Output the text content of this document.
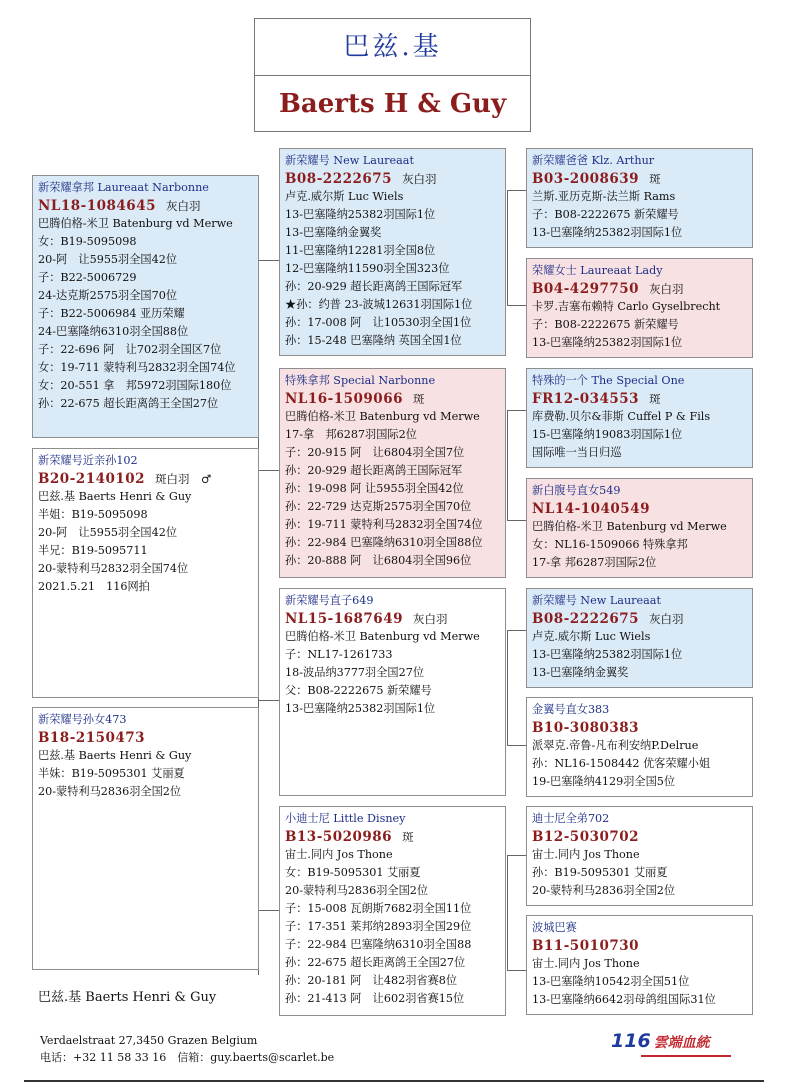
巴兹.基
Baerts H & Guy
新荣耀拿邦 Laureaat Narbonne
NL18-1084645 灰白羽
巴腾伯格-米卫 Batenburg vd Merwe
女：B19-5095098
20-阿　让5955羽全国42位
子：B22-5006729
24-达克斯2575羽全国70位
子：B22-5006984 亚历荣耀
24-巴塞隆纳6310羽全国88位
子：22-696 阿　让702羽全国区7位
女：19-711 蒙特利马2832羽全国74位
女：20-551 拿　邦5972羽国际180位
孙：22-675 超长距离鸽王全国27位
新荣耀号近亲孙102
B20-2140102 斑白羽　♂
巴兹.基 Baerts Henri & Guy
半姐：B19-5095098
20-阿　让5955羽全国42位
半兄：B19-5095711
20-蒙特利马2832羽全国74位
2021.5.21　116网拍
新荣耀号孙女473
B18-2150473
巴兹.基 Baerts Henri & Guy
半妹：B19-5095301 艾丽夏
20-蒙特利马2836羽全国2位
新荣耀号 New Laureaat
B08-2222675 灰白羽
卢克.威尔斯 Luc Wiels
13-巴塞隆纳25382羽国际1位
13-巴塞隆纳金翼奖
11-巴塞隆纳12281羽全国8位
12-巴塞隆纳11590羽全国323位
孙：20-929 超长距离鸽王国际冠军
★孙：约普 23-波城12631羽国际1位
孙：17-008 阿　让10530羽全国1位
孙：15-248 巴塞隆纳 英国全国1位
特殊拿邦 Special Narbonne
NL16-1509066 斑
巴腾伯格-米卫 Batenburg vd Merwe
17-拿　邦6287羽国际2位
子：20-915 阿　让6804羽全国7位
孙：20-929 超长距离鸽王国际冠军
孙：19-098 阿 让5955羽全国42位
孙：22-729 达克斯2575羽全国70位
孙：19-711 蒙特利马2832羽全国74位
孙：22-984 巴塞隆纳6310羽全国88位
孙：20-888 阿　让6804羽全国96位
新荣耀号直子649
NL15-1687649 灰白羽
巴腾伯格-米卫 Batenburg vd Merwe
子：NL17-1261733
18-波品纳3777羽全国27位
父：B08-2222675 新荣耀号
13-巴塞隆纳25382羽国际1位
小迪士尼 Little Disney
B13-5020986 斑
宙士.同内 Jos Thone
女：B19-5095301 艾丽夏
20-蒙特利马2836羽全国2位
子：15-008 瓦朗斯7682羽全国11位
子：17-351 莱邦纳2893羽全国29位
子：22-984 巴塞隆纳6310羽全国88
孙：22-675 超长距离鸽王全国27位
孙：20-181 阿　让482羽省赛8位
孙：21-413 阿　让602羽省赛15位
新荣耀爸爸 Klz. Arthur
B03-2008639 斑
兰斯.亚历克斯-法兰斯 Rams
子：B08-2222675 新荣耀号
13-巴塞隆纳25382羽国际1位
荣耀女士 Laureaat Lady
B04-4297750 灰白羽
卡罗.吉塞布赖特 Carlo Gyselbrecht
子：B08-2222675 新荣耀号
13-巴塞隆纳25382羽国际1位
特殊的一个 The Special One
FR12-034553 斑
库费勒.贝尔&菲斯 Cuffel P & Fils
15-巴塞隆纳19083羽国际1位
国际唯一当日归巡
新白腹号直女549
NL14-1040549
巴腾伯格-米卫 Batenburg vd Merwe
女：NL16-1509066 特殊拿邦
17-拿 邦6287羽国际2位
新荣耀号 New Laureaat
B08-2222675 灰白羽
卢克.威尔斯 Luc Wiels
13-巴塞隆纳25382羽国际1位
13-巴塞隆纳金翼奖
金翼号直女383
B10-3080383
派翠克.帝鲁-凡布利安纳P.Delrue
孙：NL16-1508442 优客荣耀小姐
19-巴塞隆纳4129羽全国5位
迪士尼全弟702
B12-5030702
宙士.同内 Jos Thone
孙：B19-5095301 艾丽夏
20-蒙特利马2836羽全国2位
波城巴赛
B11-5010730
宙士.同内 Jos Thone
13-巴塞隆纳10542羽全国51位
13-巴塞隆纳6642羽母鸽组国际31位
巴兹.基 Baerts Henri & Guy
Verdaelstraat 27,3450 Grazen Belgium
电话：+32 11 58 33 16　信箱：guy.baerts@scarlet.be
116 雲端血統
